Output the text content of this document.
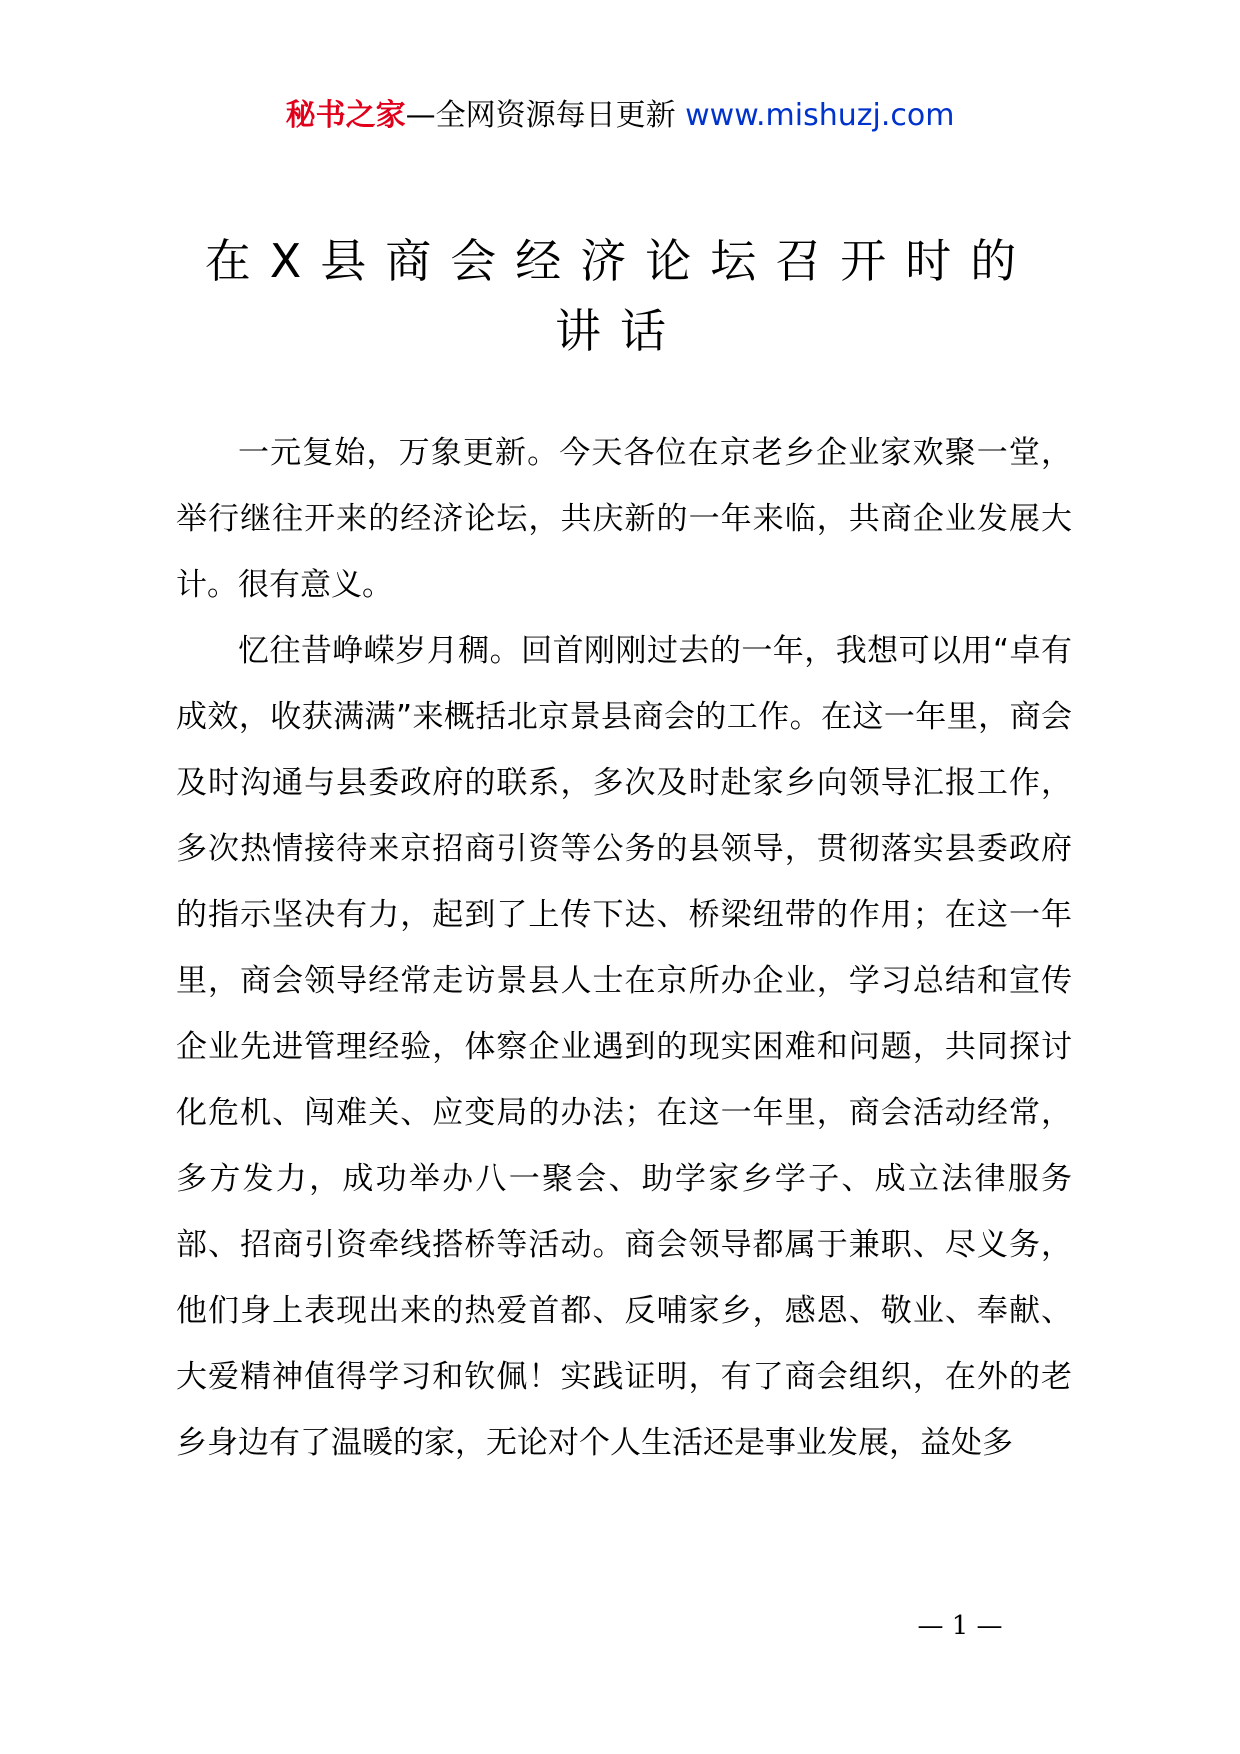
秘书之家—全网资源每日更新 www.mishuzj.com
在X县商会经济论坛召开时的
讲话

一元复始，万象更新。今天各位在京老乡企业家欢聚一堂，举行继往开来的经济论坛，共庆新的一年来临，共商企业发展大计。很有意义。

忆往昔峥嵘岁月稠。回首刚刚过去的一年，我想可以用“卓有成效，收获满满”来概括北京景县商会的工作。在这一年里，商会及时沟通与县委政府的联系，多次及时赴家乡向领导汇报工作，多次热情接待来京招商引资等公务的县领导，贯彻落实县委政府的指示坚决有力，起到了上传下达、桥梁纽带的作用；在这一年里，商会领导经常走访景县人士在京所办企业，学习总结和宣传企业先进管理经验，体察企业遇到的现实困难和问题，共同探讨化危机、闯难关、应变局的办法；在这一年里，商会活动经常，多方发力，成功举办八一聚会、助学家乡学子、成立法律服务部、招商引资牵线搭桥等活动。商会领导都属于兼职、尽义务，他们身上表现出来的热爱首都、反哺家乡，感恩、敬业、奉献、大爱精神值得学习和钦佩！实践证明，有了商会组织，在外的老乡身边有了温暖的家，无论对个人生活还是事业发展，益处多

— 1 —
